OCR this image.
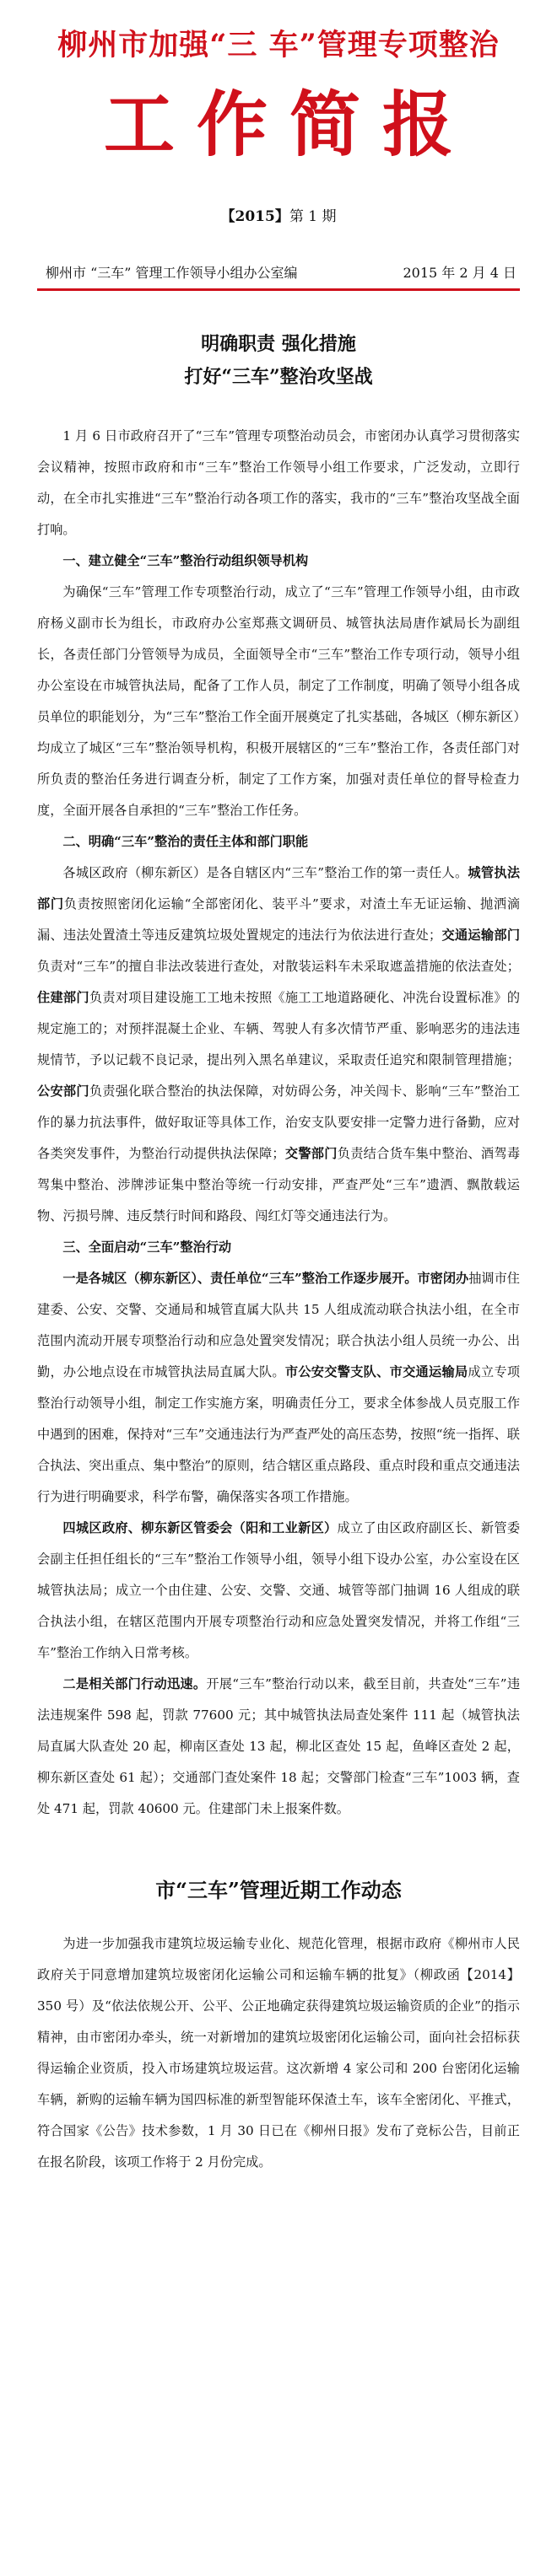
柳州市加强“三 车”管理专项整治
工作简报
【2015】第 1 期
柳州市 “三车” 管理工作领导小组办公室编	2015 年 2 月 4 日
明确职责 强化措施
打好“三车”整治攻坚战

1 月 6 日市政府召开了“三车”管理专项整治动员会，市密闭办认真学习贯彻落实会议精神，按照市政府和市“三车”整治工作领导小组工作要求，广泛发动，立即行动，在全市扎实推进“三车”整治行动各项工作的落实，我市的“三车”整治攻坚战全面打响。

一、建立健全“三车”整治行动组织领导机构

为确保“三车”管理工作专项整治行动，成立了“三车”管理工作领导小组，由市政府杨义副市长为组长，市政府办公室郑燕文调研员、城管执法局唐作斌局长为副组长，各责任部门分管领导为成员，全面领导全市“三车”整治工作专项行动，领导小组办公室设在市城管执法局，配备了工作人员，制定了工作制度，明确了领导小组各成员单位的职能划分，为“三车”整治工作全面开展奠定了扎实基础，各城区（柳东新区）均成立了城区“三车”整治领导机构，积极开展辖区的“三车”整治工作，各责任部门对所负责的整治任务进行调查分析，制定了工作方案，加强对责任单位的督导检查力度，全面开展各自承担的“三车”整治工作任务。

二、明确“三车”整治的责任主体和部门职能

各城区政府（柳东新区）是各自辖区内“三车”整治工作的第一责任人。城管执法部门负责按照密闭化运输“全部密闭化、装平斗”要求，对渣土车无证运输、抛洒滴漏、违法处置渣土等违反建筑垃圾处置规定的违法行为依法进行查处；交通运输部门负责对“三车”的擅自非法改装进行查处，对散装运料车未采取遮盖措施的依法查处；住建部门负责对项目建设施工工地未按照《施工工地道路硬化、冲洗台设置标准》的规定施工的；对预拌混凝土企业、车辆、驾驶人有多次情节严重、影响恶劣的违法违规情节，予以记载不良记录，提出列入黑名单建议，采取责任追究和限制管理措施；公安部门负责强化联合整治的执法保障，对妨碍公务，冲关闯卡、影响“三车”整治工作的暴力抗法事件，做好取证等具体工作，治安支队要安排一定警力进行备勤，应对各类突发事件，为整治行动提供执法保障；交警部门负责结合货车集中整治、酒驾毒驾集中整治、涉牌涉证集中整治等统一行动安排，严查严处“三车”遗洒、飘散载运物、污损号牌、违反禁行时间和路段、闯红灯等交通违法行为。

三、全面启动“三车”整治行动

一是各城区（柳东新区）、责任单位“三车”整治工作逐步展开。市密闭办抽调市住建委、公安、交警、交通局和城管直属大队共 15 人组成流动联合执法小组，在全市范围内流动开展专项整治行动和应急处置突发情况；联合执法小组人员统一办公、出勤，办公地点设在市城管执法局直属大队。市公安交警支队、市交通运输局成立专项整治行动领导小组，制定工作实施方案，明确责任分工，要求全体参战人员克服工作中遇到的困难，保持对“三车”交通违法行为严查严处的高压态势，按照“统一指挥、联合执法、突出重点、集中整治”的原则，结合辖区重点路段、重点时段和重点交通违法行为进行明确要求，科学布警，确保落实各项工作措施。

四城区政府、柳东新区管委会（阳和工业新区）成立了由区政府副区长、新管委会副主任担任组长的“三车”整治工作领导小组，领导小组下设办公室，办公室设在区城管执法局；成立一个由住建、公安、交警、交通、城管等部门抽调 16 人组成的联合执法小组，在辖区范围内开展专项整治行动和应急处置突发情况，并将工作组“三车”整治工作纳入日常考核。

二是相关部门行动迅速。开展“三车”整治行动以来，截至目前，共查处“三车”违法违规案件 598 起，罚款 77600 元；其中城管执法局查处案件 111 起（城管执法局直属大队查处 20 起，柳南区查处 13 起，柳北区查处 15 起，鱼峰区查处 2 起，柳东新区查处 61 起）；交通部门查处案件 18 起；交警部门检查“三车”1003 辆，查处 471 起，罚款 40600 元。住建部门未上报案件数。

市“三车”管理近期工作动态

为进一步加强我市建筑垃圾运输专业化、规范化管理，根据市政府《柳州市人民政府关于同意增加建筑垃圾密闭化运输公司和运输车辆的批复》（柳政函【2014】350 号）及“依法依规公开、公平、公正地确定获得建筑垃圾运输资质的企业”的指示精神，由市密闭办牵头，统一对新增加的建筑垃圾密闭化运输公司，面向社会招标获得运输企业资质，投入市场建筑垃圾运营。这次新增 4 家公司和 200 台密闭化运输车辆，新购的运输车辆为国四标准的新型智能环保渣土车，该车全密闭化、平推式，符合国家《公告》技术参数，1 月 30 日已在《柳州日报》发布了竞标公告，目前正在报名阶段，该项工作将于 2 月份完成。
